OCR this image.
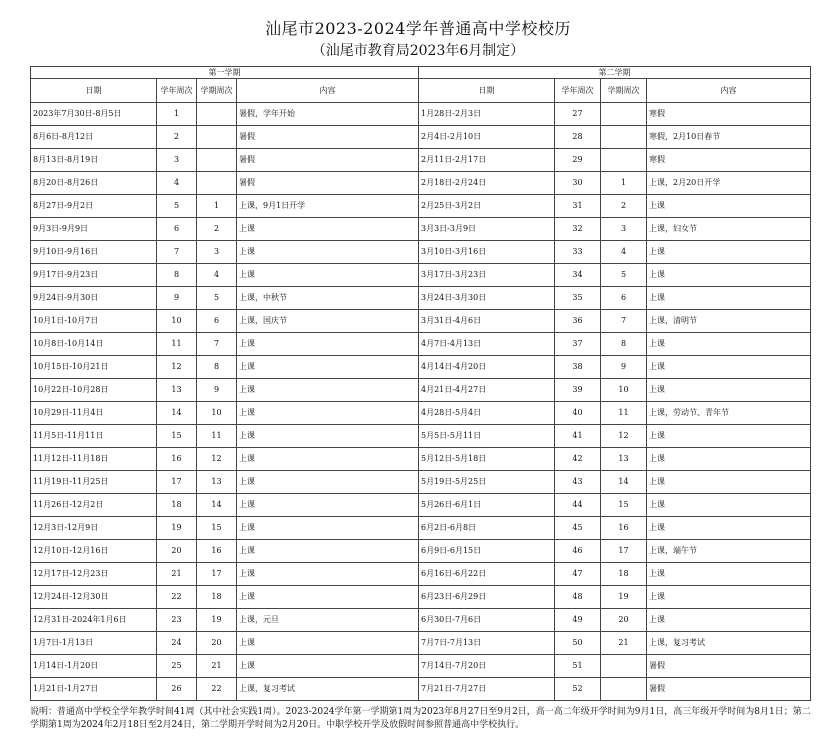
汕尾市2023-2024学年普通高中学校校历
（汕尾市教育局2023年6月制定）
第一学期				第二学期			
日期	学年周次	学期周次	内容	日期	学年周次	学期周次	内容
2023年7月30日-8月5日	1		暑假，学年开始	1月28日-2月3日	27		寒假
8月6日-8月12日	2		暑假	2月4日-2月10日	28		寒假，2月10日春节
8月13日-8月19日	3		暑假	2月11日-2月17日	29		寒假
8月20日-8月26日	4		暑假	2月18日-2月24日	30	1	上课，2月20日开学
8月27日-9月2日	5	1	上课，9月1日开学	2月25日-3月2日	31	2	上课
9月3日-9月9日	6	2	上课	3月3日-3月9日	32	3	上课，妇女节
9月10日-9月16日	7	3	上课	3月10日-3月16日	33	4	上课
9月17日-9月23日	8	4	上课	3月17日-3月23日	34	5	上课
9月24日-9月30日	9	5	上课，中秋节	3月24日-3月30日	35	6	上课
10月1日-10月7日	10	6	上课，国庆节	3月31日-4月6日	36	7	上课，清明节
10月8日-10月14日	11	7	上课	4月7日-4月13日	37	8	上课
10月15日-10月21日	12	8	上课	4月14日-4月20日	38	9	上课
10月22日-10月28日	13	9	上课	4月21日-4月27日	39	10	上课
10月29日-11月4日	14	10	上课	4月28日-5月4日	40	11	上课，劳动节、青年节
11月5日-11月11日	15	11	上课	5月5日-5月11日	41	12	上课
11月12日-11月18日	16	12	上课	5月12日-5月18日	42	13	上课
11月19日-11月25日	17	13	上课	5月19日-5月25日	43	14	上课
11月26日-12月2日	18	14	上课	5月26日-6月1日	44	15	上课
12月3日-12月9日	19	15	上课	6月2日-6月8日	45	16	上课
12月10日-12月16日	20	16	上课	6月9日-6月15日	46	17	上课，端午节
12月17日-12月23日	21	17	上课	6月16日-6月22日	47	18	上课
12月24日-12月30日	22	18	上课	6月23日-6月29日	48	19	上课
12月31日-2024年1月6日	23	19	上课，元旦	6月30日-7月6日	49	20	上课
1月7日-1月13日	24	20	上课	7月7日-7月13日	50	21	上课，复习考试
1月14日-1月20日	25	21	上课	7月14日-7月20日	51		暑假
1月21日-1月27日	26	22	上课，复习考试	7月21日-7月27日	52		暑假
说明：普通高中学校全学年教学时间41周（其中社会实践1周）。2023-2024学年第一学期第1周为2023年8月27日至9月2日，高一高二年级开学时间为9月1日，高三年级开学时间为8月1日；第二学期第1周为2024年2月18日至2月24日，第二学期开学时间为2月20日。中职学校开学及放假时间参照普通高中学校执行。
